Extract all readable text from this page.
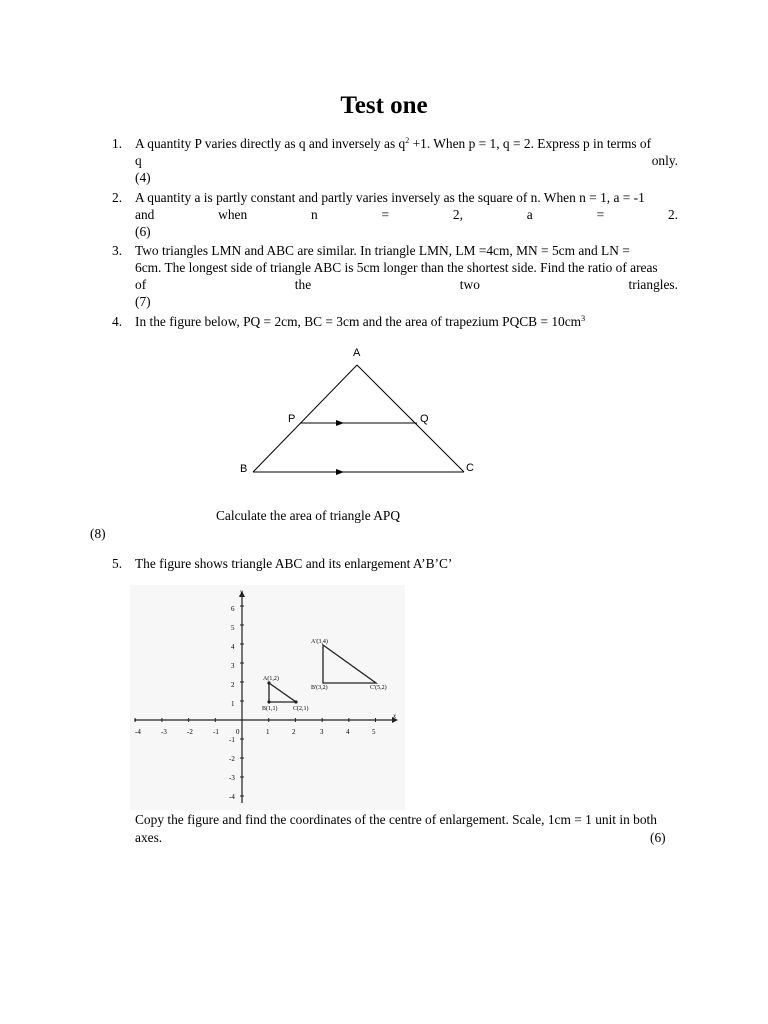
Test one
1. A quantity P varies directly as q and inversely as $q^2 +1$. When p = 1, q = 2. Express p in terms of
q	only.
(4)
2. A quantity a is partly constant and partly varies inversely as the square of n. When n = 1, a = -1
and when n = 2, a = 2.
(6)
3. Two triangles LMN and ABC are similar. In triangle LMN, LM =4cm, MN = 5cm and LN =
6cm. The longest side of triangle ABC is 5cm longer than the shortest side. Find the ratio of areas
of the two triangles.
(7)
4. In the figure below, PQ = 2cm, BC = 3cm and the area of trapezium PQCB = $10cm^3$
A
P	Q
B	C
Calculate the area of triangle APQ
(8)
5. The figure shows triangle ABC and its enlargement A’B’C’
x
y
-4	-3	-2	-1 0	1	2	3	4	5
6
5
4
3
2
1
-1
-2
-3
-4
A(1,2)
B(1,1)	C(2,1)
A'(3,4)
B'(3,2)	C'(5,2)
Copy the figure and find the coordinates of the centre of enlargement. Scale, 1cm = 1 unit in both
axes.	(6)
